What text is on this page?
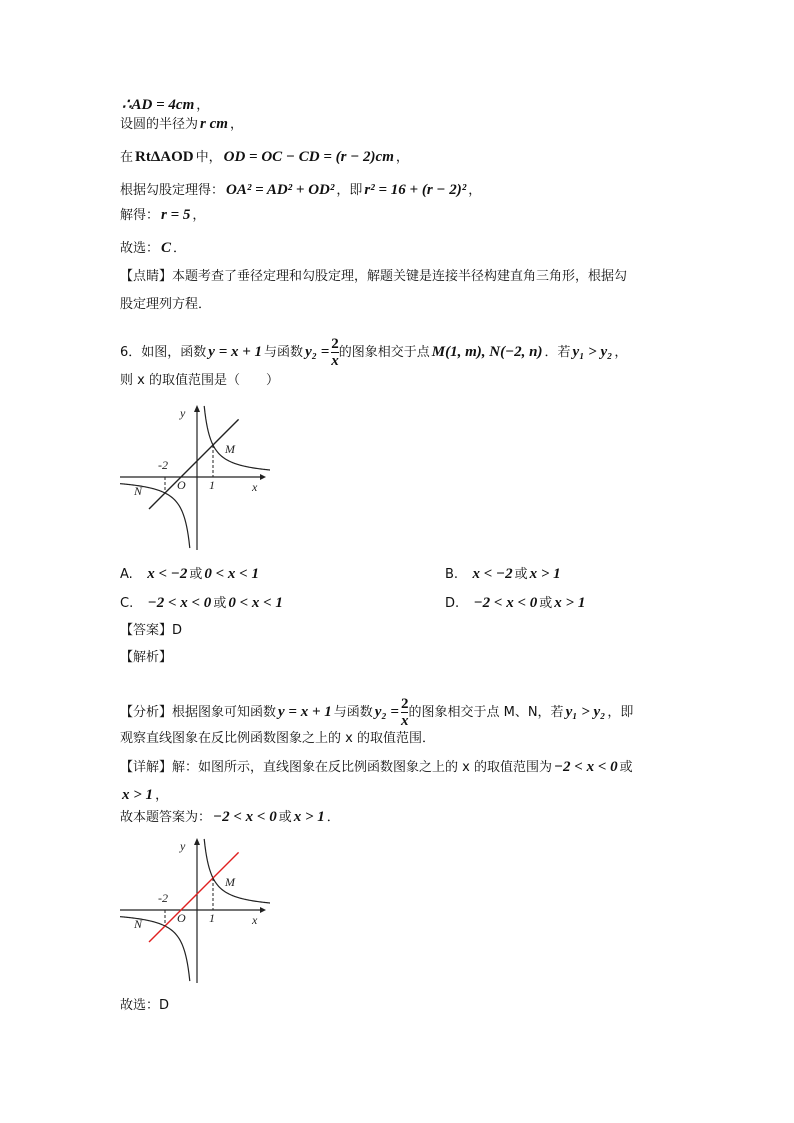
∴AD = 4cm ，
设圆的半径为 r cm ，
在 RtΔAOD 中， OD = OC − CD = (r − 2)cm ，
根据勾股定理得： OA² = AD² + OD² ，即 r² = 16 + (r − 2)² ，
解得： r = 5 ，
故选： C ．
【点睛】本题考查了垂径定理和勾股定理，解题关键是连接半径构建直角三角形，根据勾
股定理列方程．
6．如图，函数 y = x + 1 与函数 $y_2 = \frac{2}{x}$ 的图象相交于点 M(1, m), N(−2, n) ．若 y₁ > y₂ ，
则 x 的取值范围是（　　）
y
x
M
N	O
-2
1
A. x < −2 或 0 < x < 1	B. x < −2 或 x > 1
C. −2 < x < 0 或 0 < x < 1	D. −2 < x < 0 或 x > 1
【答案】D
【解析】
【分析】根据图象可知函数 y = x + 1 与函数 $y_2 = \frac{2}{x}$ 的图象相交于点 M、N，若 y₁ > y₂ ，即
观察直线图象在反比例函数图象之上的 x 的取值范围．
【详解】解：如图所示，直线图象在反比例函数图象之上的 x 的取值范围为 −2 < x < 0 或
x > 1 ，
故本题答案为： −2 < x < 0 或 x > 1 ．
y
x
M
N	O
-2
1
故选：D
